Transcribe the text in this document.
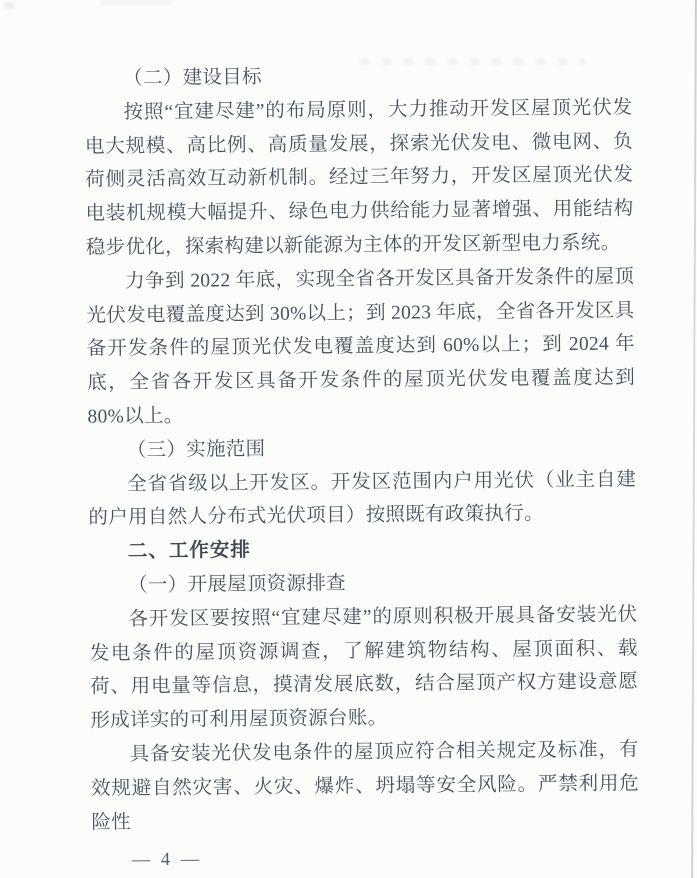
（二）建设目标

按照“宜建尽建”的布局原则，大力推动开发区屋顶光伏发电大规模、高比例、高质量发展，探索光伏发电、微电网、负荷侧灵活高效互动新机制。经过三年努力，开发区屋顶光伏发电装机规模大幅提升、绿色电力供给能力显著增强、用能结构稳步优化，探索构建以新能源为主体的开发区新型电力系统。

力争到 2022 年底，实现全省各开发区具备开发条件的屋顶光伏发电覆盖度达到 30%以上；到 2023 年底，全省各开发区具备开发条件的屋顶光伏发电覆盖度达到 60%以上；到 2024 年底，全省各开发区具备开发条件的屋顶光伏发电覆盖度达到 80%以上。

（三）实施范围

全省省级以上开发区。开发区范围内户用光伏（业主自建的户用自然人分布式光伏项目）按照既有政策执行。

二、工作安排

（一）开展屋顶资源排查

各开发区要按照“宜建尽建”的原则积极开展具备安装光伏发电条件的屋顶资源调查，了解建筑物结构、屋顶面积、载荷、用电量等信息，摸清发展底数，结合屋顶产权方建设意愿形成详实的可利用屋顶资源台账。

具备安装光伏发电条件的屋顶应符合相关规定及标准，有效规避自然灾害、火灾、爆炸、坍塌等安全风险。严禁利用危险性

— 4 —
